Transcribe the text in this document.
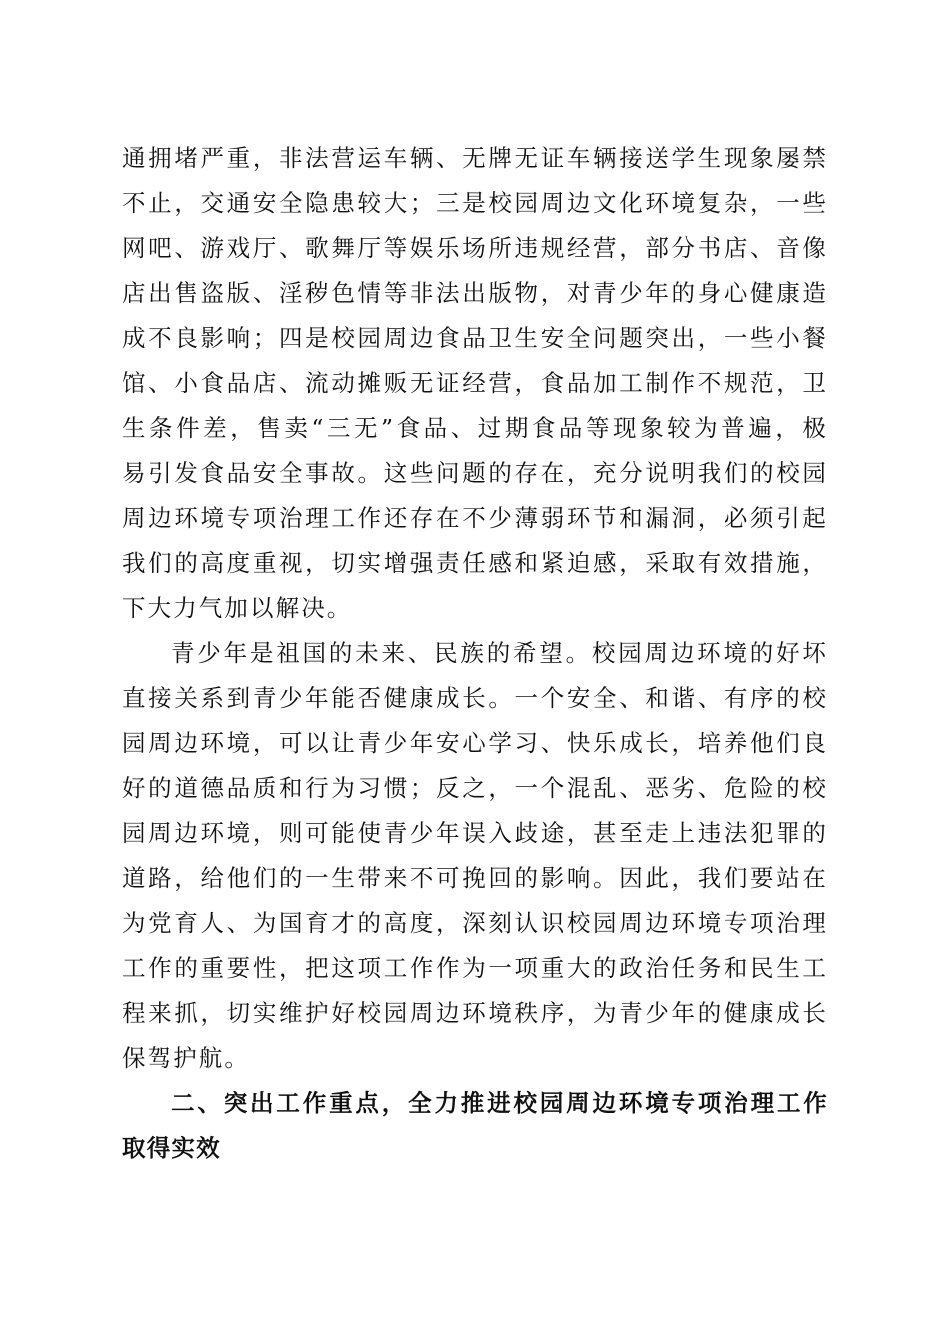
通拥堵严重，非法营运车辆、无牌无证车辆接送学生现象屡禁
不止，交通安全隐患较大；三是校园周边文化环境复杂，一些
网吧、游戏厅、歌舞厅等娱乐场所违规经营，部分书店、音像
店出售盗版、淫秽色情等非法出版物，对青少年的身心健康造
成不良影响；四是校园周边食品卫生安全问题突出，一些小餐
馆、小食品店、流动摊贩无证经营，食品加工制作不规范，卫
生条件差，售卖“三无”食品、过期食品等现象较为普遍，极
易引发食品安全事故。这些问题的存在，充分说明我们的校园
周边环境专项治理工作还存在不少薄弱环节和漏洞，必须引起
我们的高度重视，切实增强责任感和紧迫感，采取有效措施，
下大力气加以解决。
青少年是祖国的未来、民族的希望。校园周边环境的好坏
直接关系到青少年能否健康成长。一个安全、和谐、有序的校
园周边环境，可以让青少年安心学习、快乐成长，培养他们良
好的道德品质和行为习惯；反之，一个混乱、恶劣、危险的校
园周边环境，则可能使青少年误入歧途，甚至走上违法犯罪的
道路，给他们的一生带来不可挽回的影响。因此，我们要站在
为党育人、为国育才的高度，深刻认识校园周边环境专项治理
工作的重要性，把这项工作作为一项重大的政治任务和民生工
程来抓，切实维护好校园周边环境秩序，为青少年的健康成长
保驾护航。
二、突出工作重点，全力推进校园周边环境专项治理工作
取得实效
